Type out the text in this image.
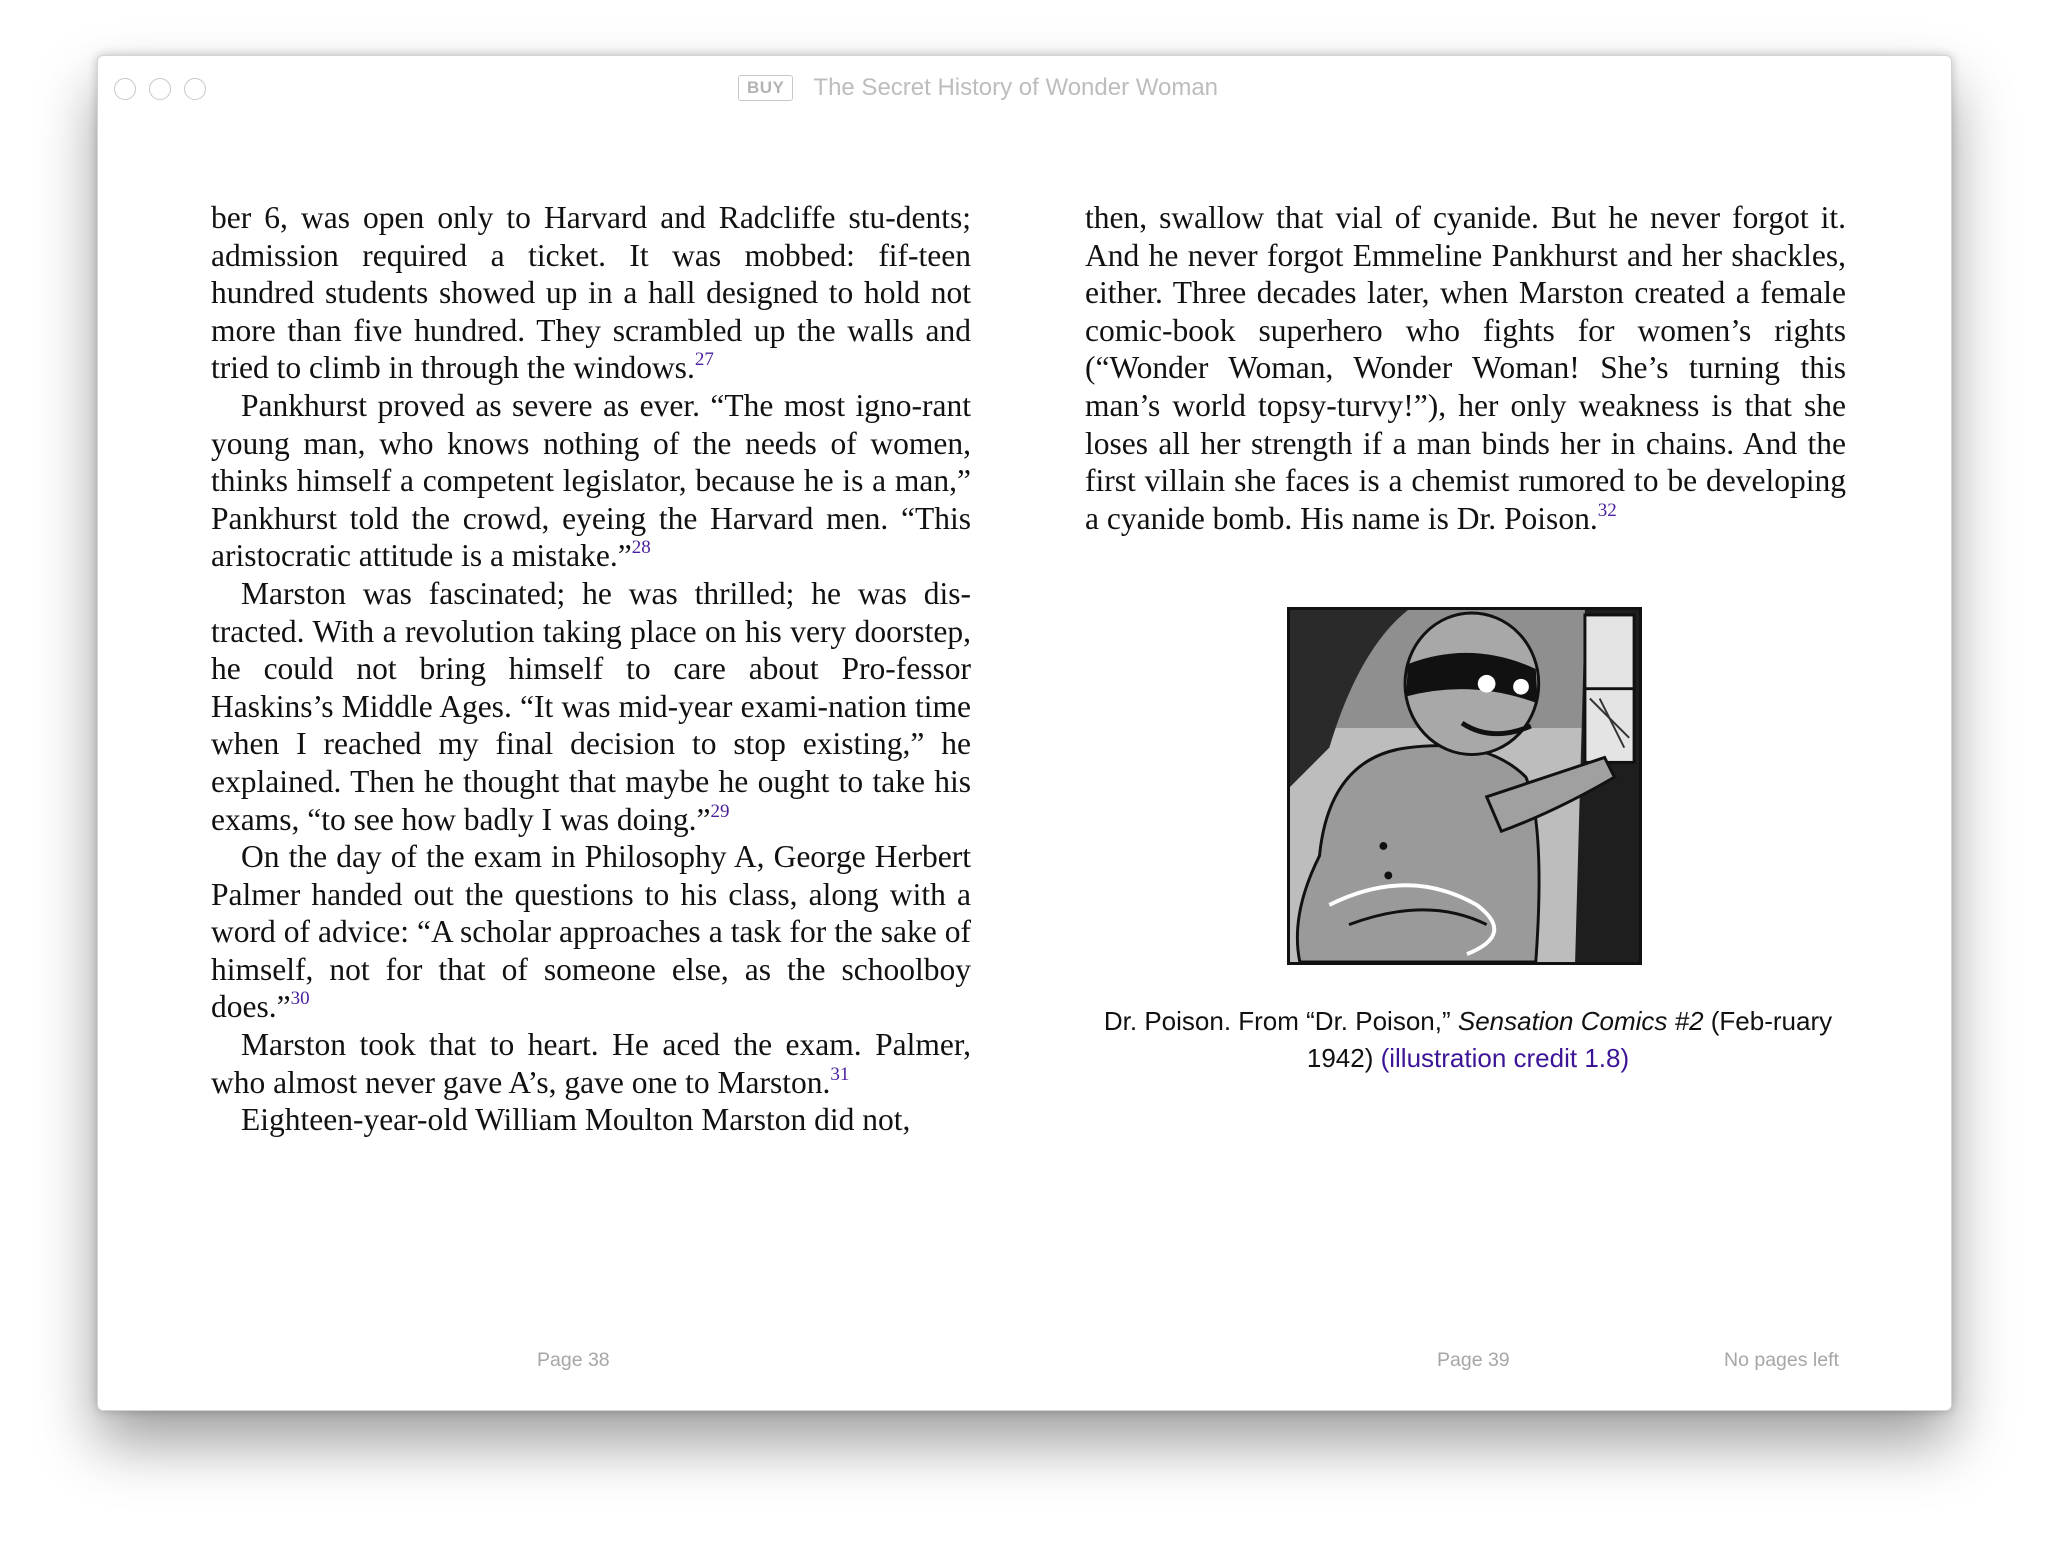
BUY	The Secret History of Wonder Woman

ber 6, was open only to Harvard and Radcliffe stu-dents; admission required a ticket. It was mobbed: fif-teen hundred students showed up in a hall designed to hold not more than five hundred. They scrambled up the walls and tried to climb in through the windows.$^{27}$

Pankhurst proved as severe as ever. “The most igno-rant young man, who knows nothing of the needs of women, thinks himself a competent legislator, because he is a man,” Pankhurst told the crowd, eyeing the Harvard men. “This aristocratic attitude is a mistake.”$^{28}$

Marston was fascinated; he was thrilled; he was dis-tracted. With a revolution taking place on his very doorstep, he could not bring himself to care about Pro-fessor Haskins’s Middle Ages. “It was mid-year exami-nation time when I reached my final decision to stop existing,” he explained. Then he thought that maybe he ought to take his exams, “to see how badly I was doing.”$^{29}$

On the day of the exam in Philosophy A, George Herbert Palmer handed out the questions to his class, along with a word of advice: “A scholar approaches a task for the sake of himself, not for that of someone else, as the schoolboy does.”$^{30}$

Marston took that to heart. He aced the exam. Palmer, who almost never gave A’s, gave one to Marston.$^{31}$

Eighteen-year-old William Moulton Marston did not,

then, swallow that vial of cyanide. But he never forgot it. And he never forgot Emmeline Pankhurst and her shackles, either. Three decades later, when Marston created a female comic-book superhero who fights for women’s rights (“Wonder Woman, Wonder Woman! She’s turning this man’s world topsy-turvy!”), her only weakness is that she loses all her strength if a man binds her in chains. And the first villain she faces is a chemist rumored to be developing a cyanide bomb. His name is Dr. Poison.$^{32}$

Dr. Poison. From “Dr. Poison,” Sensation Comics #2 (Feb-ruary 1942) (illustration credit 1.8)
Page 38	Page 39	No pages left
